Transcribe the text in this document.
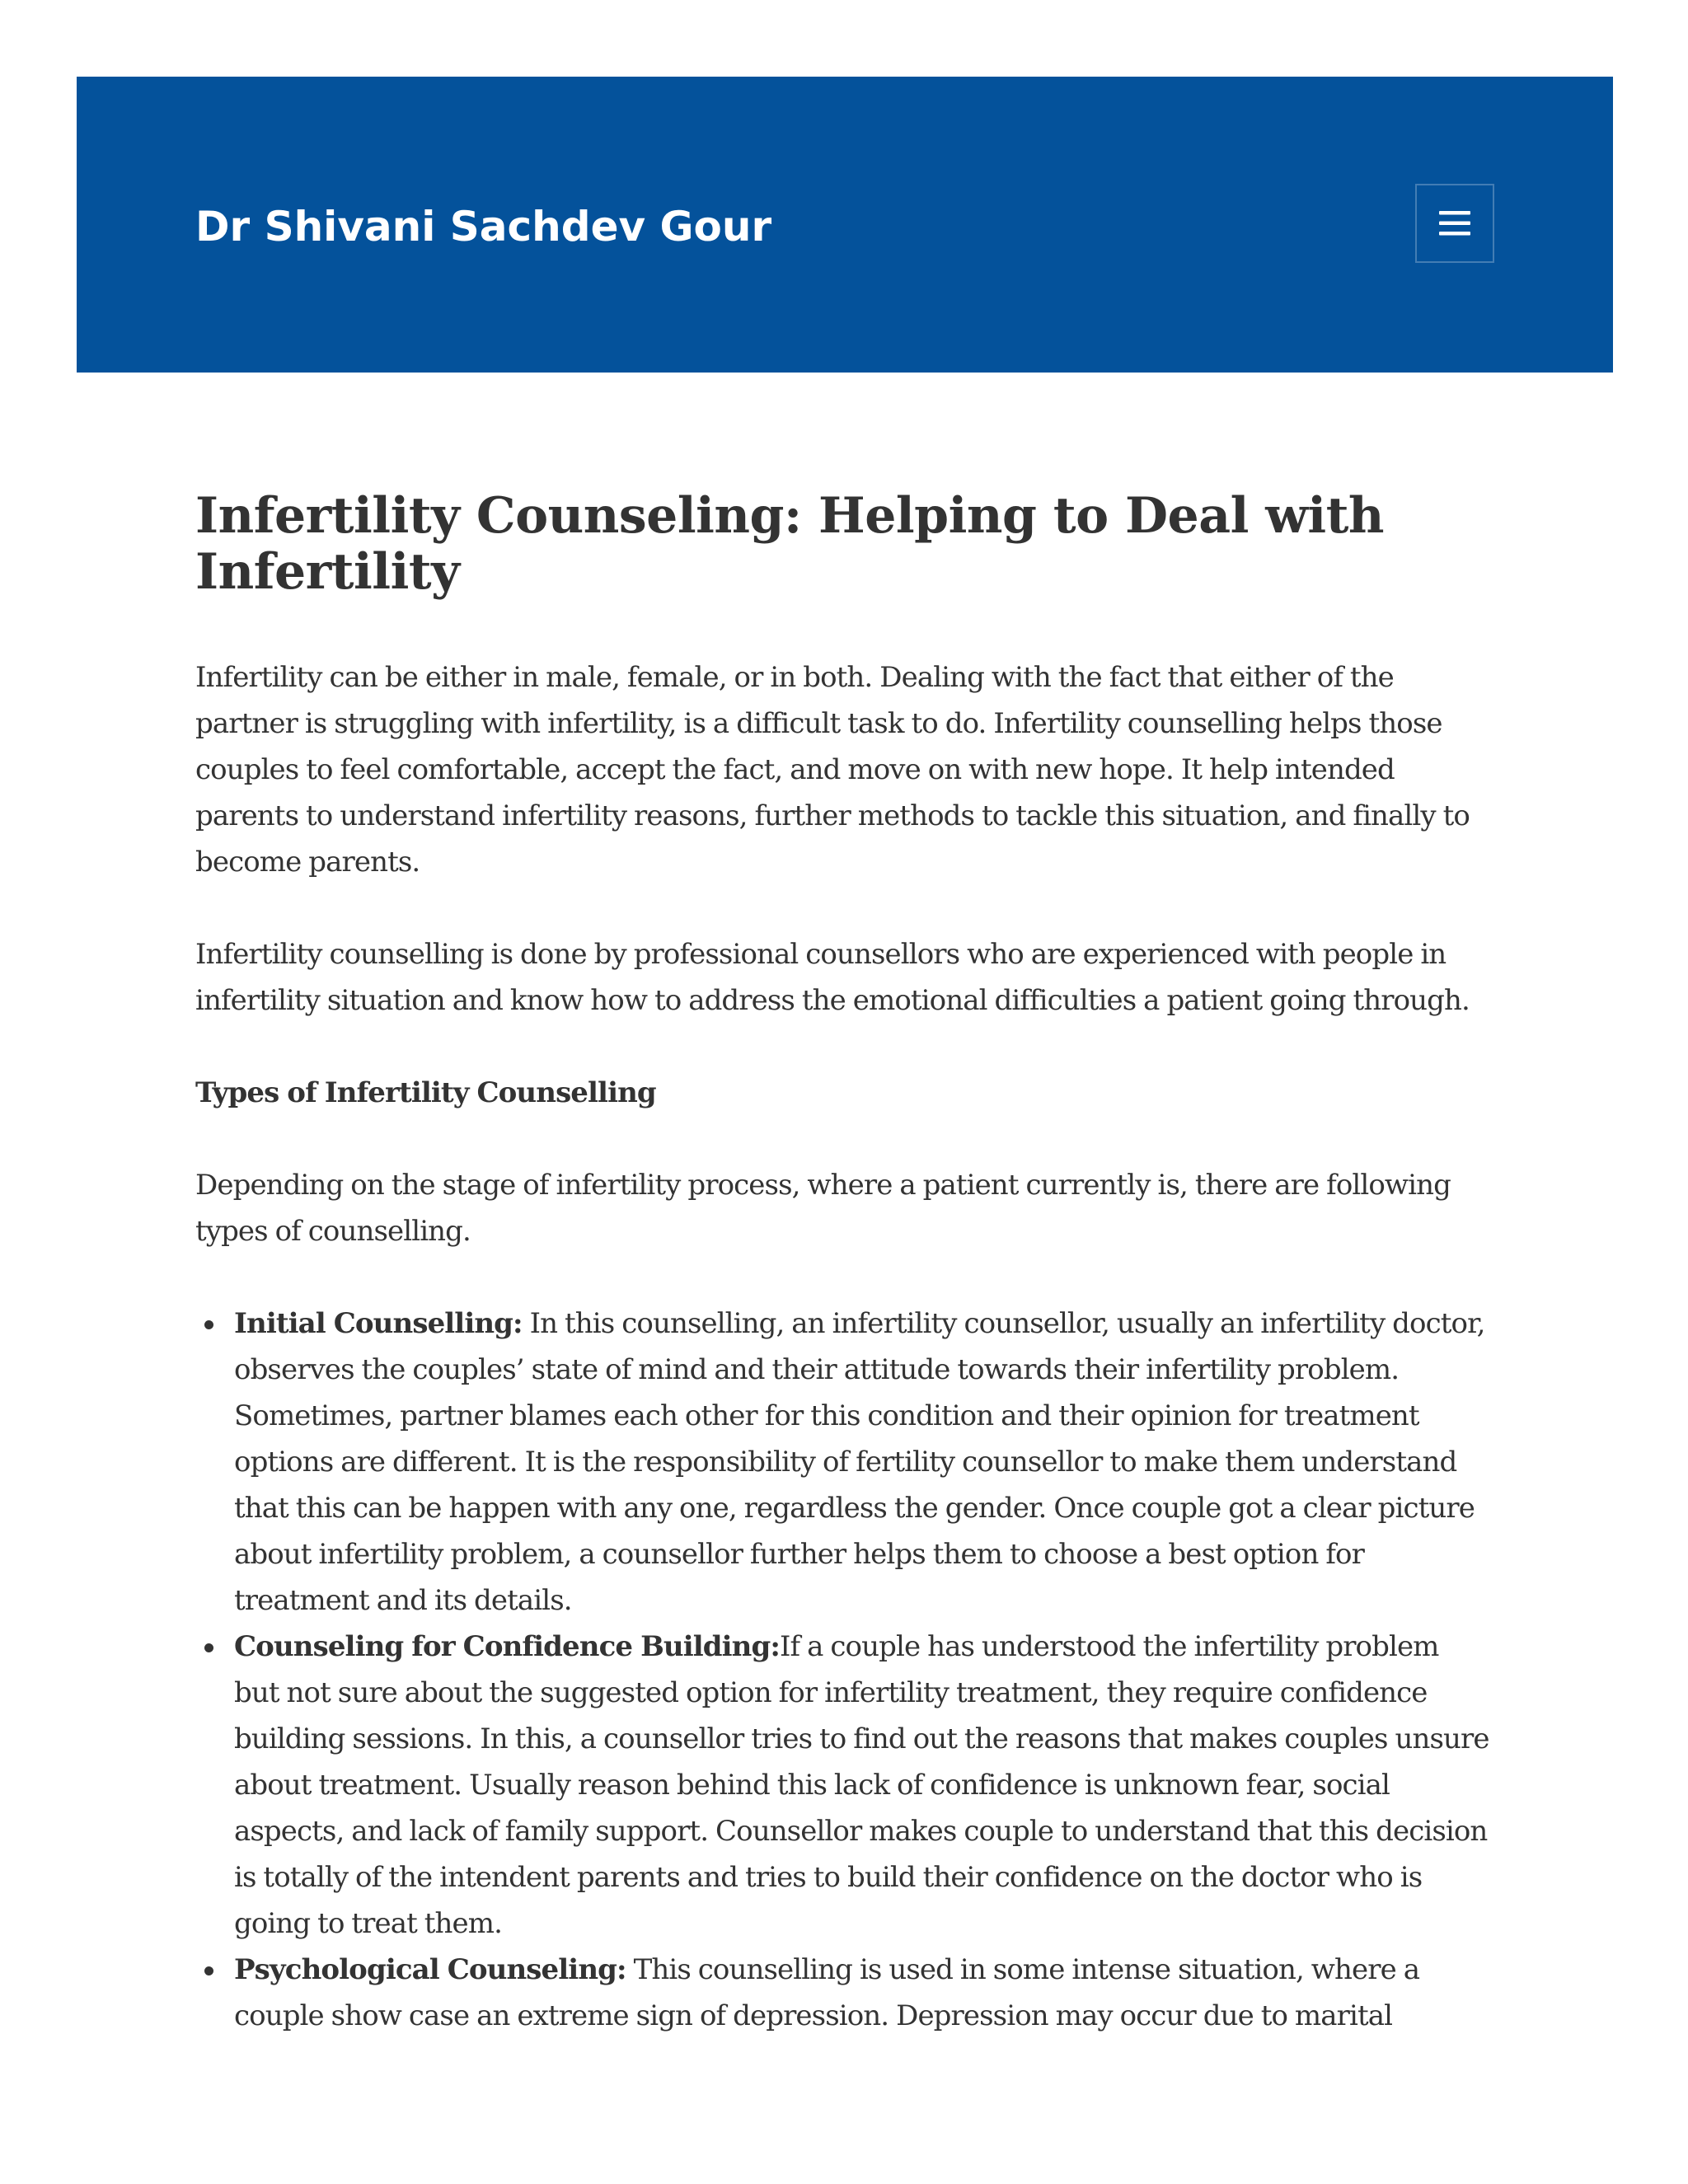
Dr Shivani Sachdev Gour
Infertility Counseling: Helping to Deal with Infertility

Infertility can be either in male, female, or in both. Dealing with the fact that either of the partner is struggling with infertility, is a difficult task to do. Infertility counselling helps those couples to feel comfortable, accept the fact, and move on with new hope. It help intended parents to understand infertility reasons, further methods to tackle this situation, and finally to become parents.

Infertility counselling is done by professional counsellors who are experienced with people in infertility situation and know how to address the emotional difficulties a patient going through.

Types of Infertility Counselling

Depending on the stage of infertility process, where a patient currently is, there are following types of counselling.

Initial Counselling: In this counselling, an infertility counsellor, usually an infertility doctor, observes the couples’ state of mind and their attitude towards their infertility problem. Sometimes, partner blames each other for this condition and their opinion for treatment options are different. It is the responsibility of fertility counsellor to make them understand that this can be happen with any one, regardless the gender. Once couple got a clear picture about infertility problem, a counsellor further helps them to choose a best option for treatment and its details.
Counseling for Confidence Building:If a couple has understood the infertility problem but not sure about the suggested option for infertility treatment, they require confidence building sessions. In this, a counsellor tries to find out the reasons that makes couples unsure about treatment. Usually reason behind this lack of confidence is unknown fear, social aspects, and lack of family support. Counsellor makes couple to understand that this decision is totally of the intendent parents and tries to build their confidence on the doctor who is going to treat them.
Psychological Counseling: This counselling is used in some intense situation, where a couple show case an extreme sign of depression. Depression may occur due to marital
